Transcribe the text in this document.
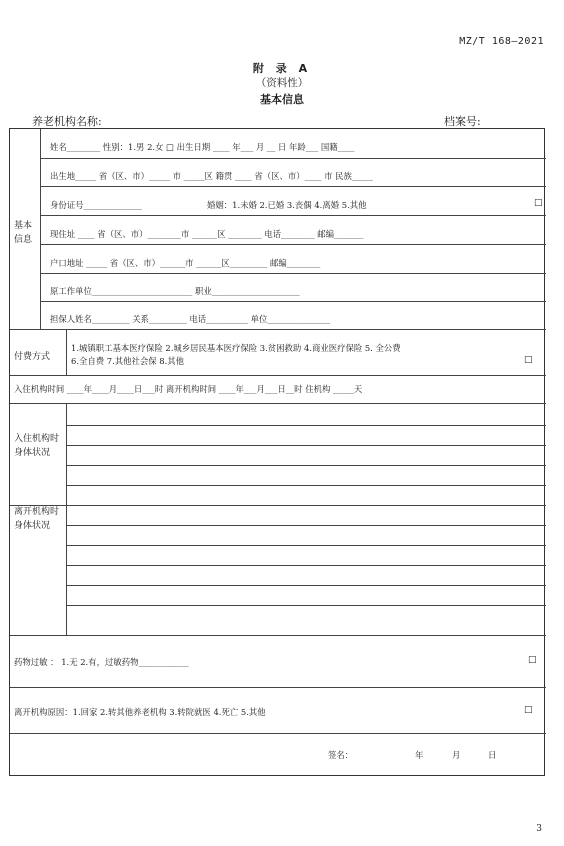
MZ/T 168—2021
附 录 A
（资料性）
基本信息
养老机构名称:	档案号:
基本信息
姓名________ 性别：1.男 2.女 □ 出生日期 ____ 年___ 月 __ 日 年龄___ 国籍____
出生地_____ 省（区、市）_____ 市 _____区 籍贯 ____ 省（区、市）____ 市 民族_____
身份证号______________	婚姻：1.未婚 2.已婚 3.丧偶 4.离婚 5.其他	□
现住址 ____ 省（区、市）________市 ______区 ________ 电话________ 邮编_______
户口地址 _____ 省（区、市）______市 ______区_________ 邮编________
原工作单位________________________ 职业_____________________
担保人姓名_________ 关系_________ 电话__________ 单位_______________
付费方式
1.城镇职工基本医疗保险 2.城乡居民基本医疗保险 3.贫困救助 4.商业医疗保险 5. 全公费
6.全自费 7.其他社会保 8.其他	□
入住机构时间 ____年____月____日___时 离开机构时间 ____年___月___日__时 住机构 _____天
入住机构时身体状况
离开机构时身体状况
药物过敏 ： 1.无 2.有，过敏药物____________	□
离开机构原因：1.回家 2.转其他养老机构 3.转院就医 4.死亡 5.其他	□
签名：	年	月	日
3
